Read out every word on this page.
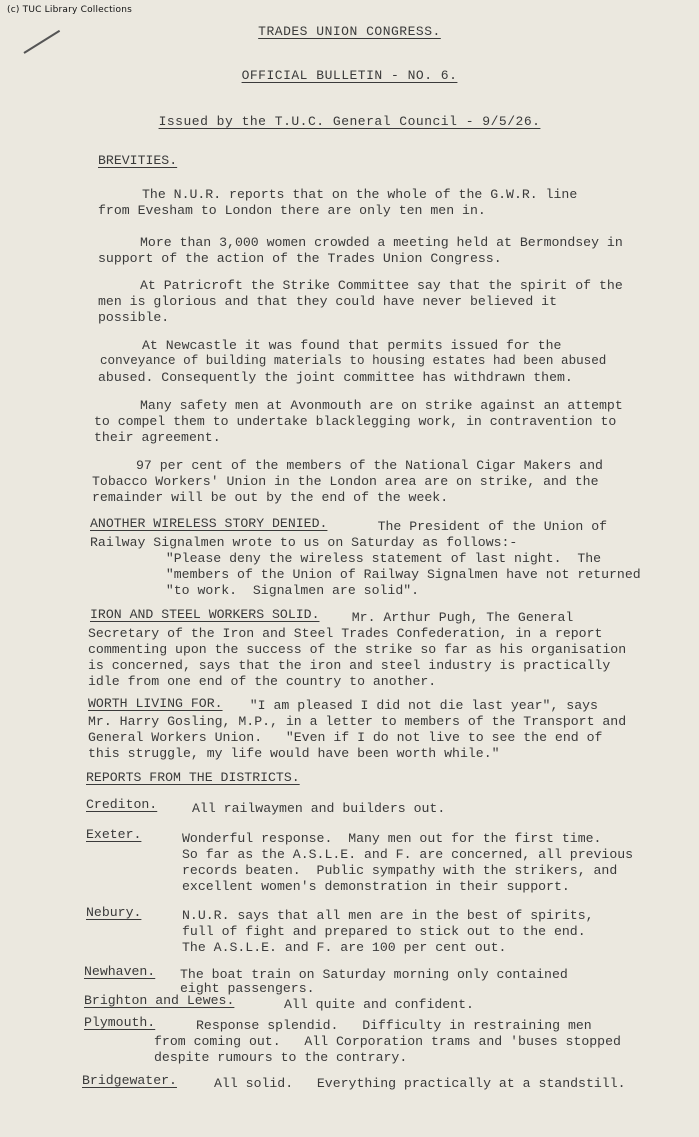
(c) TUC Library Collections
TRADES UNION CONGRESS.
OFFICIAL BULLETIN - NO. 6.
Issued by the T.U.C. General Council - 9/5/26.
BREVITIES.
The N.U.R. reports that on the whole of the G.W.R. line
from Evesham to London there are only ten men in.
More than 3,000 women crowded a meeting held at Bermondsey in
support of the action of the Trades Union Congress.
At Patricroft the Strike Committee say that the spirit of the
men is glorious and that they could have never believed it
possible.
At Newcastle it was found that permits issued for the
conveyance of building materials to housing estates had been abused
abused. Consequently the joint committee has withdrawn them.
Many safety men at Avonmouth are on strike against an attempt
to compel them to undertake blacklegging work, in contravention to
their agreement.
97 per cent of the members of the National Cigar Makers and
Tobacco Workers' Union in the London area are on strike, and the
remainder will be out by the end of the week.
ANOTHER WIRELESS STORY DENIED. The President of the Union of
Railway Signalmen wrote to us on Saturday as follows:-
"Please deny the wireless statement of last night.  The
"members of the Union of Railway Signalmen have not returned
"to work.  Signalmen are solid".
IRON AND STEEL WORKERS SOLID. Mr. Arthur Pugh, The General
Secretary of the Iron and Steel Trades Confederation, in a report
commenting upon the success of the strike so far as his organisation
is concerned, says that the iron and steel industry is practically
idle from one end of the country to another.
WORTH LIVING FOR. "I am pleased I did not die last year", says
Mr. Harry Gosling, M.P., in a letter to members of the Transport and
General Workers Union.   "Even if I do not live to see the end of
this struggle, my life would have been worth while."
REPORTS FROM THE DISTRICTS.
Crediton.	All railwaymen and builders out.
Exeter.	Wonderful response.  Many men out for the first time.
So far as the A.S.L.E. and F. are concerned, all previous
records beaten.  Public sympathy with the strikers, and
excellent women's demonstration in their support.
Nebury.	N.U.R. says that all men are in the best of spirits,
full of fight and prepared to stick out to the end.
The A.S.L.E. and F. are 100 per cent out.
Newhaven. The boat train on Saturday morning only contained
eight passengers.
Brighton and Lewes.	All quite and confident.
Plymouth.	Response splendid.   Difficulty in restraining men
from coming out.   All Corporation trams and 'buses stopped
despite rumours to the contrary.
Bridgewater.	All solid.   Everything practically at a standstill.
